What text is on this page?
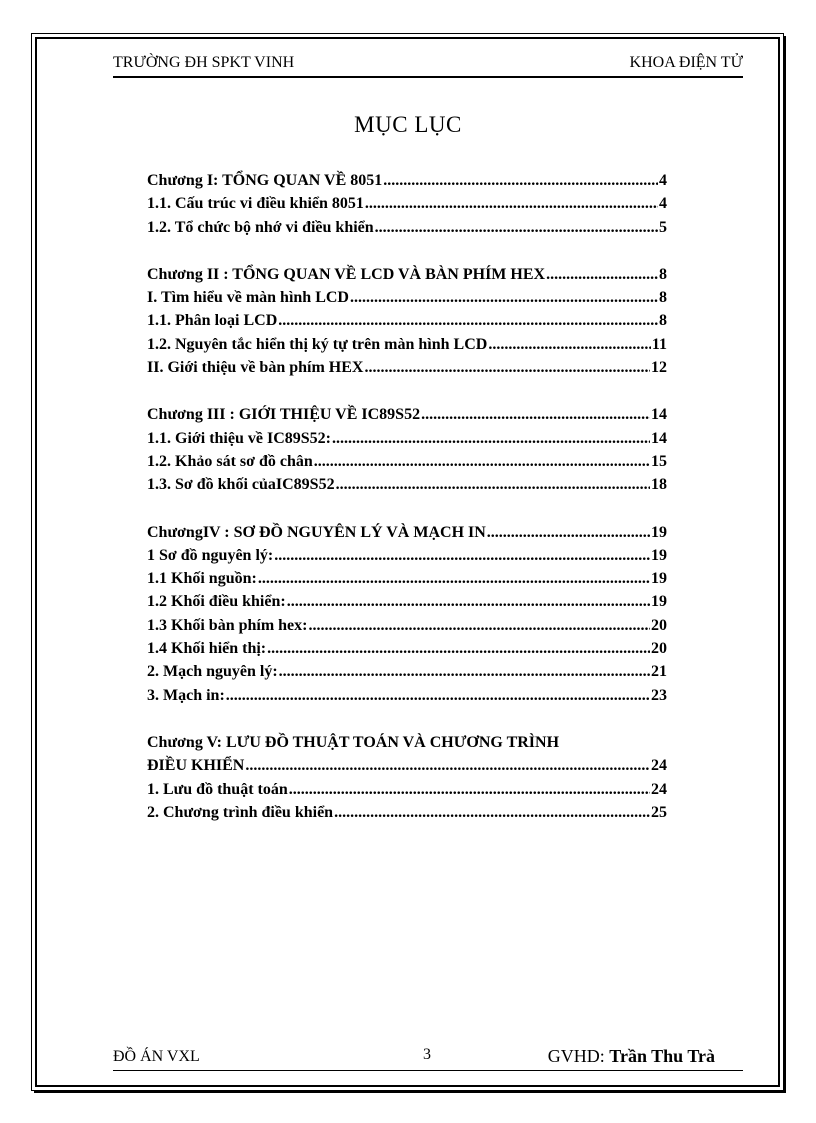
TRƯỜNG ĐH SPKT VINH	KHOA ĐIỆN TỬ
MỤC LỤC
Chương I: TỔNG QUAN VỀ 8051 .....	4
1.1. Cấu trúc vi điều khiển 8051 .....	4
1.2. Tổ chức bộ nhớ vi điều khiển .....	5
Chương II : TỔNG QUAN VỀ LCD VÀ BÀN PHÍM HEX .....	8
I. Tìm hiểu về màn hình LCD .....	8
1.1. Phân loại LCD .....	8
1.2. Nguyên tắc hiển thị ký tự trên màn hình LCD .....	11
II. Giới thiệu về bàn phím HEX .....	12
Chương III : GIỚI THIỆU VỀ IC89S52 .....	14
1.1. Giới thiệu về IC89S52: .....	14
1.2. Khảo sát sơ đồ chân .....	15
1.3. Sơ đồ khối củaIC89S52 .....	18
ChươngIV : SƠ ĐỒ NGUYÊN LÝ VÀ MẠCH IN .....	19
1 Sơ đồ nguyên lý: .....	19
1.1 Khối nguồn: .....	19
1.2 Khối điều khiển: .....	19
1.3 Khối bàn phím hex: .....	20
1.4 Khối hiển thị: .....	20
2. Mạch nguyên lý: .....	21
3. Mạch in: .....	23
Chương V: LƯU ĐỒ THUẬT TOÁN VÀ CHƯƠNG TRÌNH
ĐIỀU KHIỂN .....	24
1. Lưu đồ thuật toán .....	24
2. Chương trình điều khiển .....	25
ĐỒ ÁN VXL	3	GVHD: Trần Thu Trà
